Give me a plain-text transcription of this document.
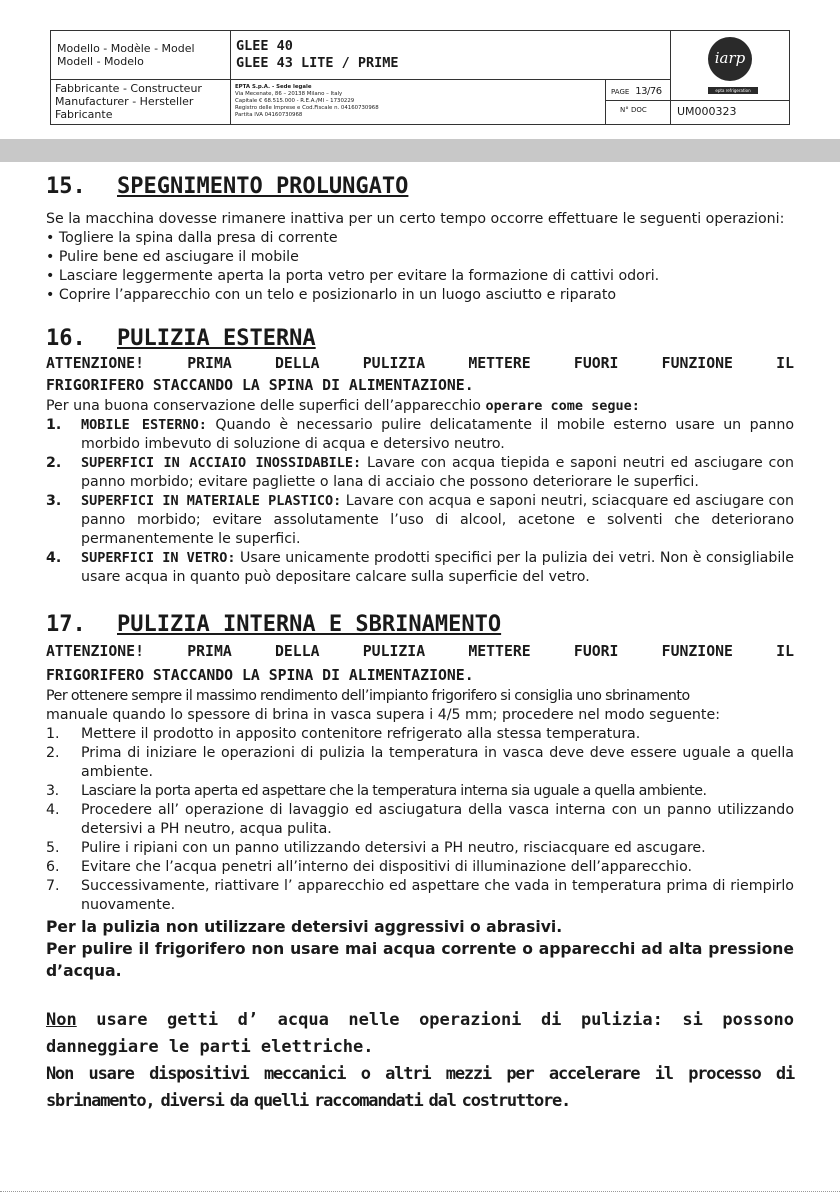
Modello - Modèle - Model
Modell - Modelo
GLEE 40
GLEE 43 LITE / PRIME	iarp
epta refrigeration
Fabbricante - Constructeur
Manufacturer - Hersteller
Fabricante
EPTA S.p.A. - Sede legale
Via Mecenate, 86 – 20138 Milano – Italy
Capitale € 68.515.000 - R.E.A./MI – 1730229
Registro delle Imprese e Cod.Fiscale n. 04160730968
Partita IVA 04160730968
PAGE 13/76
N° DOC	UM000323
15. SPEGNIMENTO PROLUNGATO

Se la macchina dovesse rimanere inattiva per un certo tempo occorre effettuare le seguenti operazioni:

• Togliere la spina dalla presa di corrente

• Pulire bene ed asciugare il mobile

• Lasciare leggermente aperta la porta vetro per evitare la formazione di cattivi odori.

• Coprire l’apparecchio con un telo e posizionarlo in un luogo asciutto e riparato

16. PULIZIA ESTERNA

ATTENZIONE! PRIMA DELLA PULIZIA METTERE FUORI FUNZIONE IL

FRIGORIFERO STACCANDO LA SPINA DI ALIMENTAZIONE.

Per una buona conservazione delle superfici dell’apparecchio operare come segue:

1. MOBILE ESTERNO: Quando è necessario pulire delicatamente il mobile esterno usare un panno morbido imbevuto di soluzione di acqua e detersivo neutro.
2. SUPERFICI IN ACCIAIO INOSSIDABILE: Lavare con acqua tiepida e saponi neutri ed asciugare con panno morbido; evitare pagliette o lana di acciaio che possono deteriorare le superfici.
3. SUPERFICI IN MATERIALE PLASTICO: Lavare con acqua e saponi neutri, sciacquare ed asciugare con panno morbido; evitare assolutamente l’uso di alcool, acetone e solventi che deteriorano permanentemente le superfici.
4. SUPERFICI IN VETRO: Usare unicamente prodotti specifici per la pulizia dei vetri. Non è consigliabile usare acqua in quanto può depositare calcare sulla superficie del vetro.
17. PULIZIA INTERNA E SBRINAMENTO

ATTENZIONE! PRIMA DELLA PULIZIA METTERE FUORI FUNZIONE IL

FRIGORIFERO STACCANDO LA SPINA DI ALIMENTAZIONE.

Per ottenere sempre il massimo rendimento dell’impianto frigorifero si consiglia uno sbrinamento

manuale quando lo spessore di brina in vasca supera i 4/5 mm; procedere nel modo seguente:

1. Mettere il prodotto in apposito contenitore refrigerato alla stessa temperatura.
2. Prima di iniziare le operazioni di pulizia la temperatura in vasca deve deve essere uguale a quella ambiente.
3. Lasciare la porta aperta ed aspettare che la temperatura interna sia uguale a quella ambiente.
4. Procedere all’ operazione di lavaggio ed asciugatura della vasca interna con un panno utilizzando detersivi a PH neutro, acqua pulita.
5. Pulire i ripiani con un panno utilizzando detersivi a PH neutro, risciacquare ed ascugare.
6. Evitare che l’acqua penetri all’interno dei dispositivi di illuminazione dell’apparecchio.
7. Successivamente, riattivare l’ apparecchio ed aspettare che vada in temperatura prima di riempirlo nuovamente.

Per la pulizia non utilizzare detersivi aggressivi o abrasivi.

Per pulire il frigorifero non usare mai acqua corrente o apparecchi ad alta pressione d’acqua.

Non usare getti d’ acqua nelle operazioni di pulizia: si possono danneggiare le parti elettriche.

Non usare dispositivi meccanici o altri mezzi per accelerare il processo di sbrinamento, diversi da quelli raccomandati dal costruttore.
